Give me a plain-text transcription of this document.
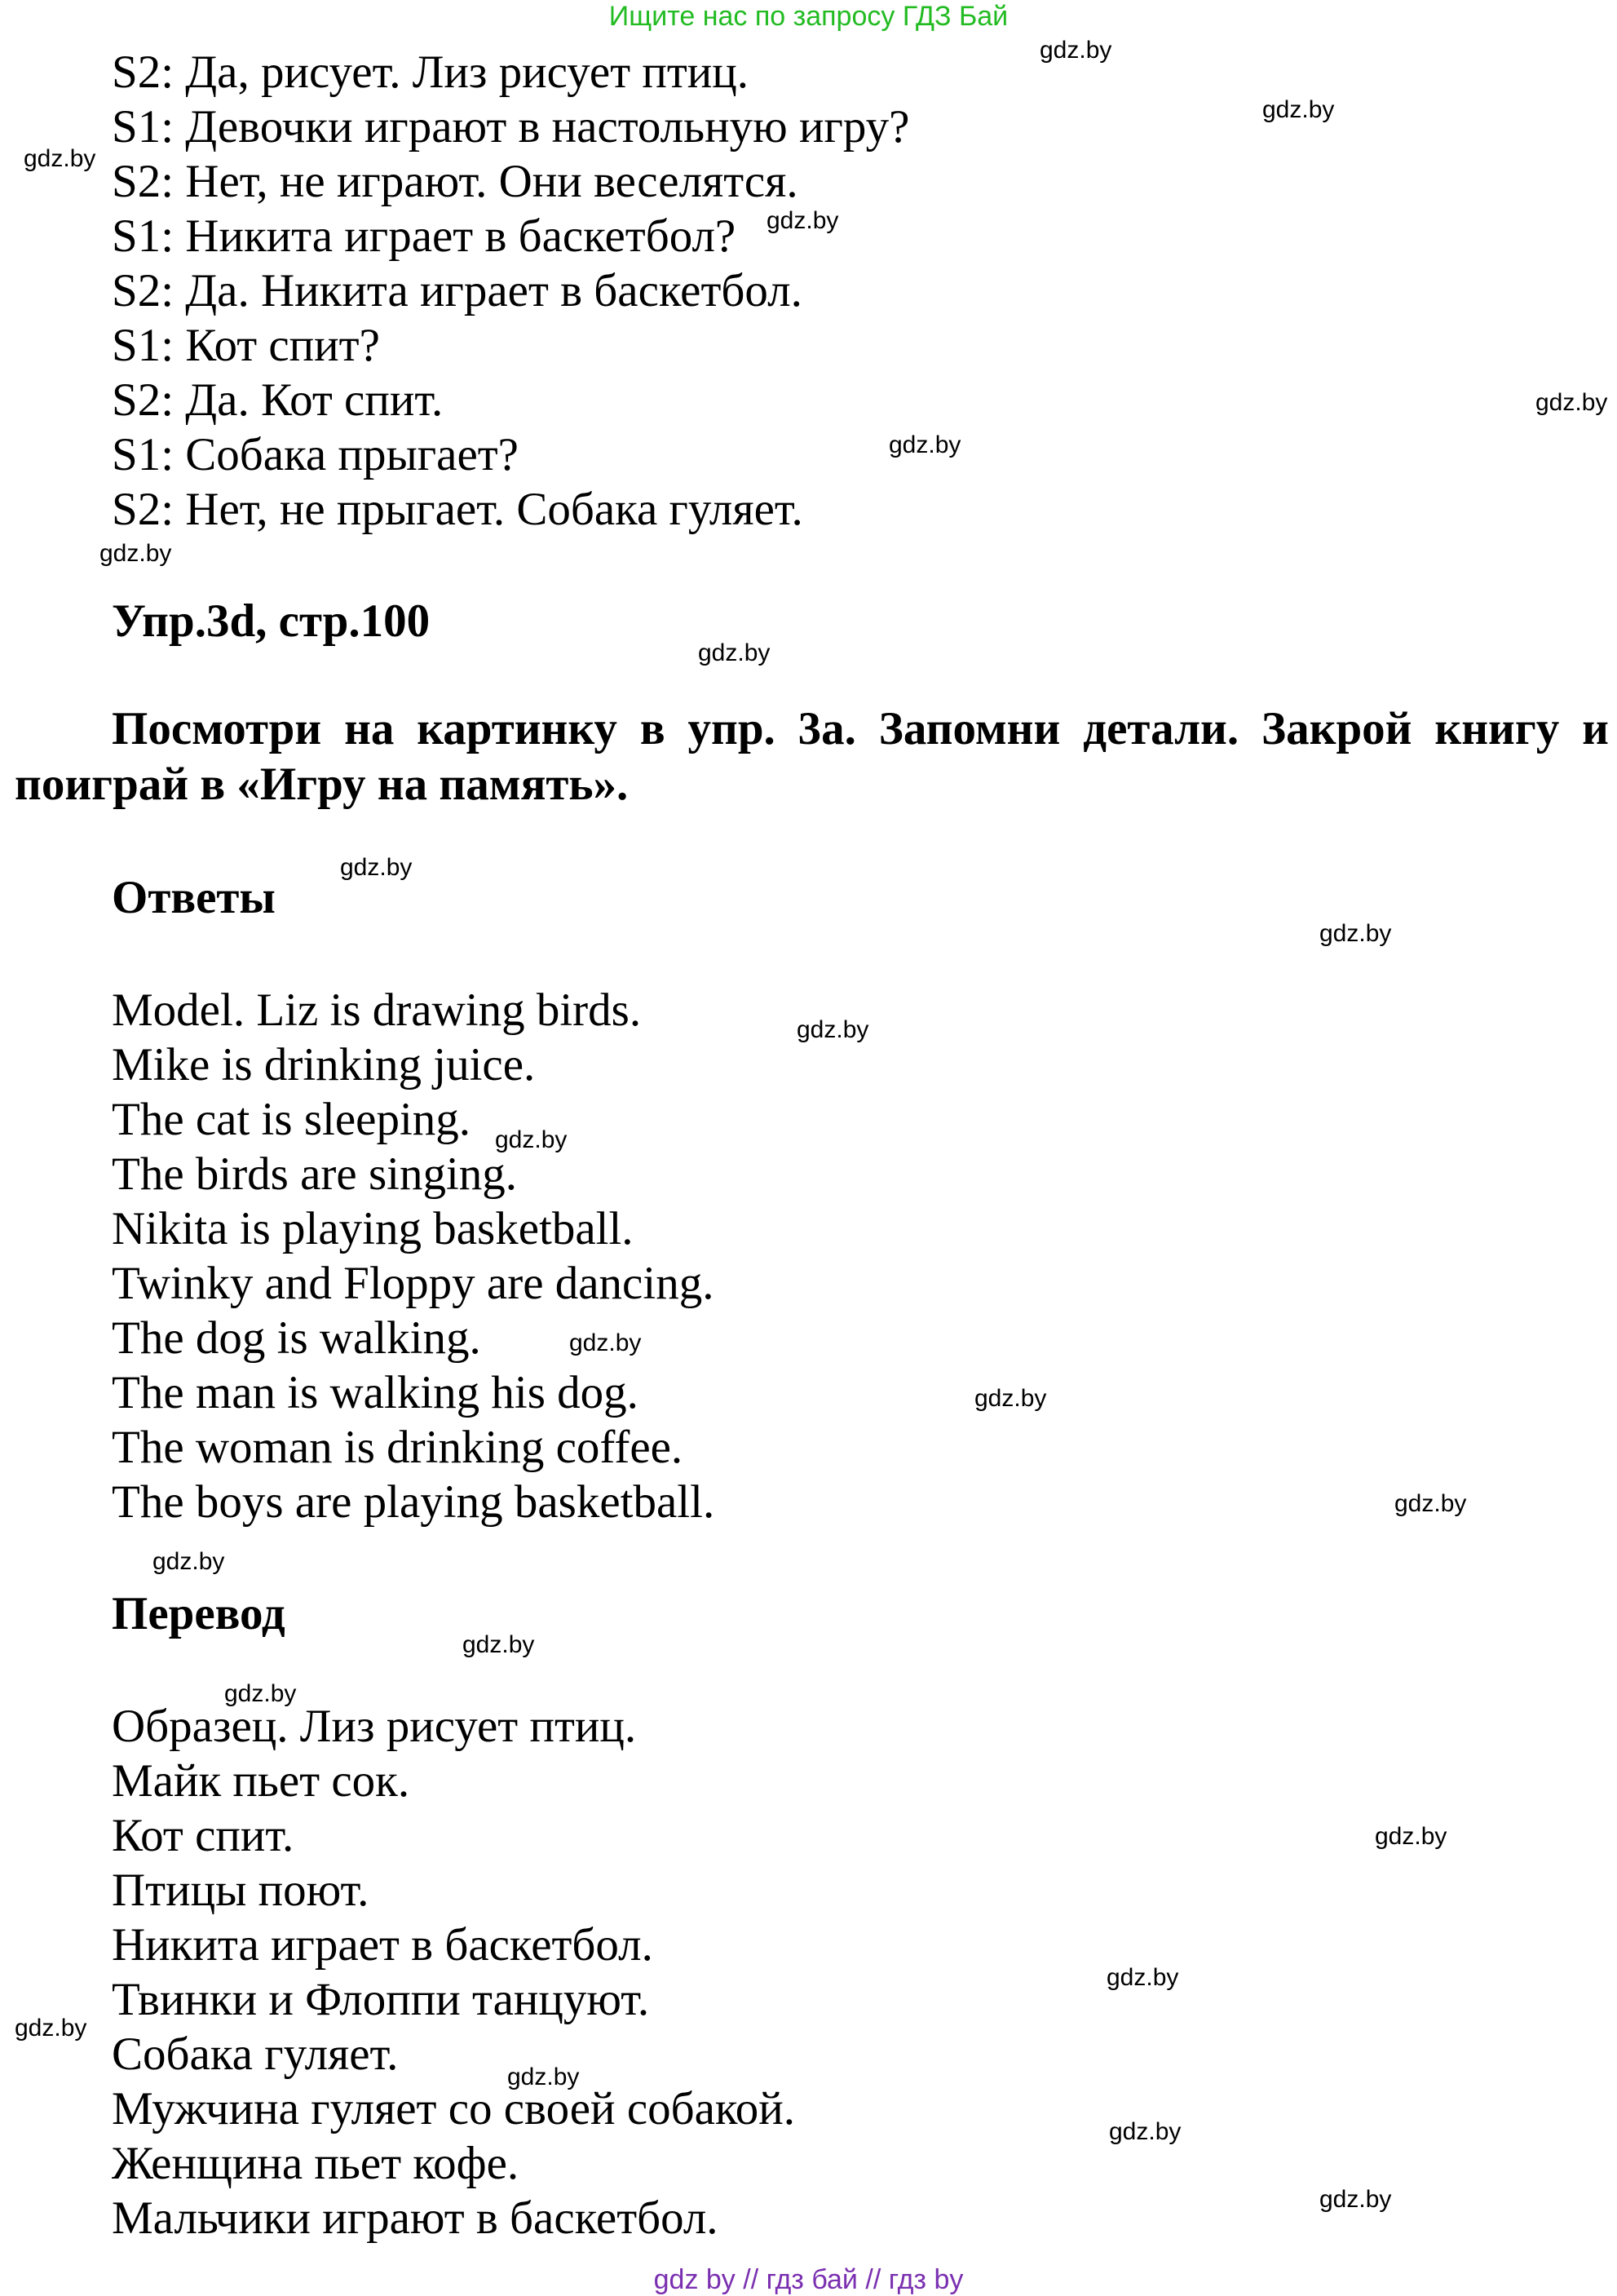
Ищите нас по запросу ГДЗ Бай
S2: Да, рисует. Лиз рисует птиц.
S1: Девочки играют в настольную игру?
S2: Нет, не играют. Они веселятся.
S1: Никита играет в баскетбол?
S2: Да. Никита играет в баскетбол.
S1: Кот спит?
S2: Да. Кот спит.
S1: Собака прыгает?
S2: Нет, не прыгает. Собака гуляет.
Упр.3d, стр.100
Посмотри на картинку в упр. 3а. Запомни детали. Закрой книгу и поиграй в «Игру на память».
Ответы
Model. Liz is drawing birds.
Mike is drinking juice.
The cat is sleeping.
The birds are singing.
Nikita is playing basketball.
Twinky and Floppy are dancing.
The dog is walking.
The man is walking his dog.
The woman is drinking coffee.
The boys are playing basketball.
Перевод
Образец. Лиз рисует птиц.
Майк пьет сок.
Кот спит.
Птицы поют.
Никита играет в баскетбол.
Твинки и Флоппи танцуют.
Собака гуляет.
Мужчина гуляет со своей собакой.
Женщина пьет кофе.
Мальчики играют в баскетбол.
gdz.by
gdz.by
gdz.by
gdz.by
gdz.by
gdz.by
gdz.by
gdz.by
gdz.by
gdz.by
gdz.by
gdz.by
gdz.by
gdz.by
gdz.by
gdz.by
gdz.by
gdz.by
gdz.by
gdz.by
gdz.by
gdz.by
gdz.by
gdz.by
gdz by // гдз бай // гдз by
